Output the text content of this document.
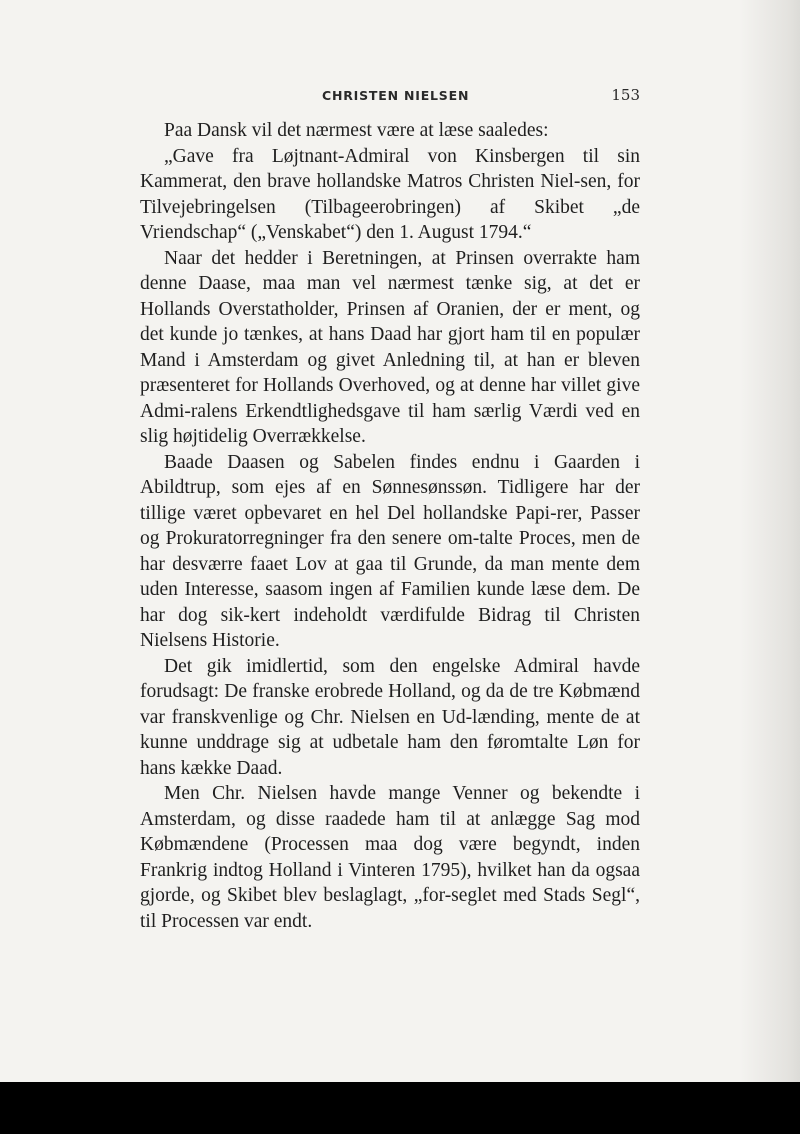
CHRISTEN NIELSEN	153

Paa Dansk vil det nærmest være at læse saaledes:

„Gave fra Løjtnant-Admiral von Kinsbergen til sin Kammerat, den brave hollandske Matros Christen Niel-sen, for Tilvejebringelsen (Tilbageerobringen) af Skibet „de Vriendschap“ („Venskabet“) den 1. August 1794.“

Naar det hedder i Beretningen, at Prinsen overrakte ham denne Daase, maa man vel nærmest tænke sig, at det er Hollands Overstatholder, Prinsen af Oranien, der er ment, og det kunde jo tænkes, at hans Daad har gjort ham til en populær Mand i Amsterdam og givet Anledning til, at han er bleven præsenteret for Hollands Overhoved, og at denne har villet give Admi-ralens Erkendtlighedsgave til ham særlig Værdi ved en slig højtidelig Overrækkelse.

Baade Daasen og Sabelen findes endnu i Gaarden i Abildtrup, som ejes af en Sønnesønssøn. Tidligere har der tillige været opbevaret en hel Del hollandske Papi-rer, Passer og Prokuratorregninger fra den senere om-talte Proces, men de har desværre faaet Lov at gaa til Grunde, da man mente dem uden Interesse, saasom ingen af Familien kunde læse dem. De har dog sik-kert indeholdt værdifulde Bidrag til Christen Nielsens Historie.

Det gik imidlertid, som den engelske Admiral havde forudsagt: De franske erobrede Holland, og da de tre Købmænd var franskvenlige og Chr. Nielsen en Ud-lænding, mente de at kunne unddrage sig at udbetale ham den føromtalte Løn for hans kække Daad.

Men Chr. Nielsen havde mange Venner og bekendte i Amsterdam, og disse raadede ham til at anlægge Sag mod Købmændene (Processen maa dog være begyndt, inden Frankrig indtog Holland i Vinteren 1795), hvilket han da ogsaa gjorde, og Skibet blev beslaglagt, „for-seglet med Stads Segl“, til Processen var endt.
